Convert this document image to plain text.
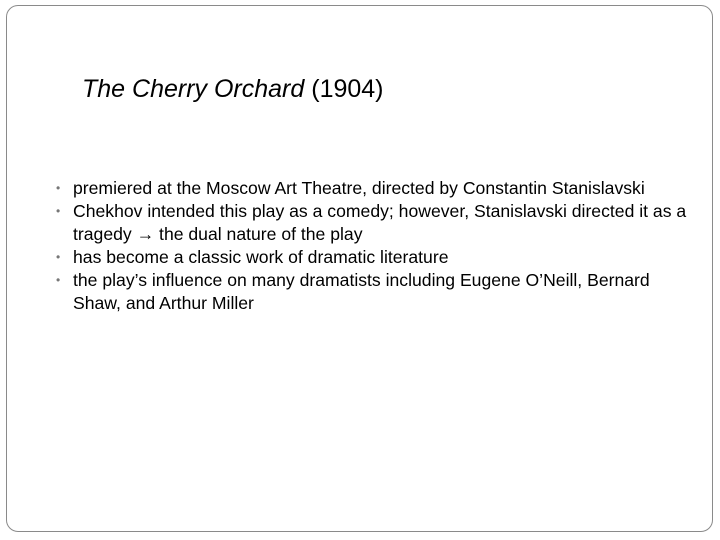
The Cherry Orchard (1904)
• premiered at the Moscow Art Theatre, directed by Constantin Stanislavski
• Chekhov intended this play as a comedy; however, Stanislavski directed it as a tragedy → the dual nature of the play
• has become a classic work of dramatic literature
• the play’s influence on many dramatists including Eugene O’Neill, Bernard Shaw, and Arthur Miller
